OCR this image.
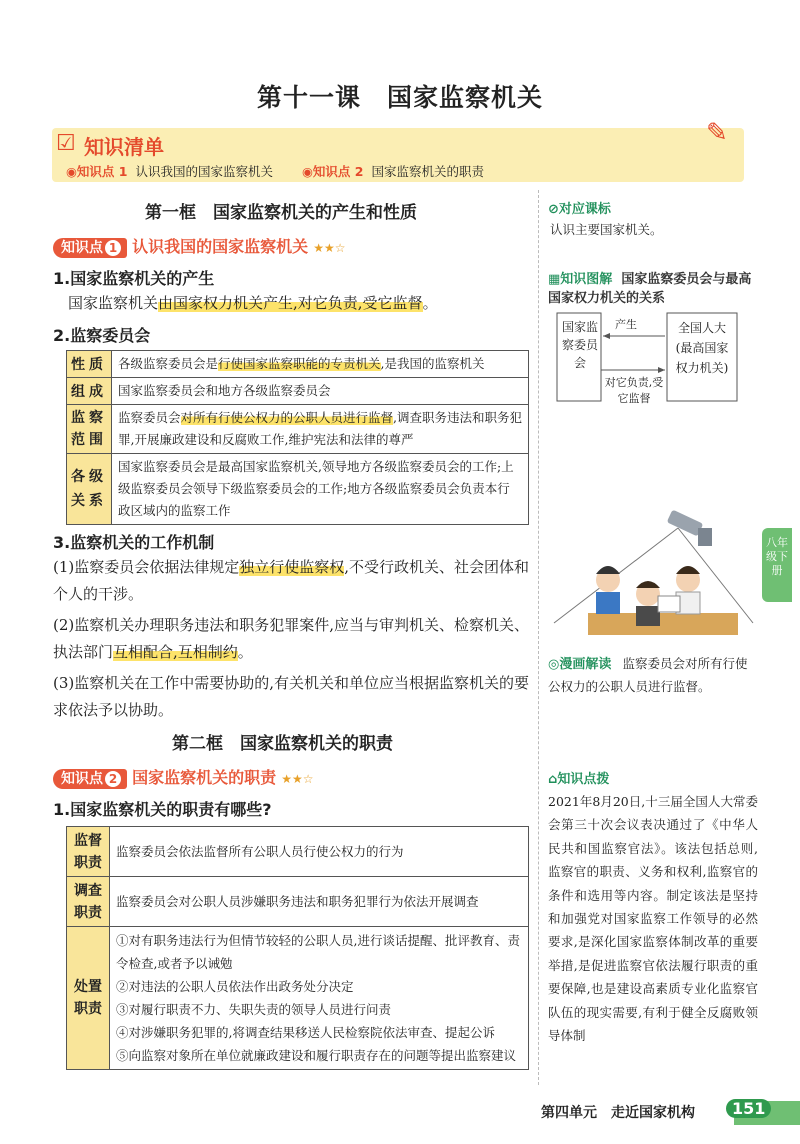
第十一课　国家监察机关
☑ 知识清单	✎
◉知识点 1 认识我国的国家监察机关 ◉知识点 2 国家监察机关的职责
第一框　国家监察机关的产生和性质
知识点 1 认识我国的国家监察机关 ★★☆
1.国家监察机关的产生
国家监察机关由国家权力机关产生,对它负责,受它监督。
2.监察委员会
性质	各级监察委员会是行使国家监察职能的专责机关,是我国的监察机关
组成	国家监察委员会和地方各级监察委员会
监察范围	监察委员会对所有行使公权力的公职人员进行监督,调查职务违法和职务犯罪,开展廉政建设和反腐败工作,维护宪法和法律的尊严
各级关系	国家监察委员会是最高国家监察机关,领导地方各级监察委员会的工作;上级监察委员会领导下级监察委员会的工作;地方各级监察委员会负责本行政区域内的监察工作
3.监察机关的工作机制
(1)监察委员会依据法律规定独立行使监察权,不受行政机关、社会团体和个人的干涉。
(2)监察机关办理职务违法和职务犯罪案件,应当与审判机关、检察机关、执法部门互相配合,互相制约。
(3)监察机关在工作中需要协助的,有关机关和单位应当根据监察机关的要求依法予以协助。
第二框　国家监察机关的职责
知识点 2 国家监察机关的职责 ★★☆
1.国家监察机关的职责有哪些?
监督职责	监察委员会依法监督所有公职人员行使公权力的行为
调查职责	监察委员会对公职人员涉嫌职务违法和职务犯罪行为依法开展调查
处置职责	①对有职务违法行为但情节较轻的公职人员,进行谈话提醒、批评教育、责令检查,或者予以诫勉
②对违法的公职人员依法作出政务处分决定
③对履行职责不力、失职失责的领导人员进行问责
④对涉嫌职务犯罪的,将调查结果移送人民检察院依法审查、提起公诉
⑤向监察对象所在单位就廉政建设和履行职责存在的问题等提出监察建议
⊘对应课标
认识主要国家机关。
▦知识图解 国家监察委员会与最高国家权力机关的关系
国家监察委员会
全国人大(最高国家权力机关)
产生
对它负责,受它监督
◎漫画解读 监察委员会对所有行使公权力的公职人员进行监督。
⌂知识点拨
2021年8月20日,十三届全国人大常委会第三十次会议表决通过了《中华人民共和国监察官法》。该法包括总则,监察官的职责、义务和权利,监察官的条件和选用等内容。制定该法是坚持和加强党对国家监察工作领导的必然要求,是深化国家监察体制改革的重要举措,是促进监察官依法履行职责的重要保障,也是建设高素质专业化监察官队伍的现实需要,有利于健全反腐败领导体制
八年级下册
第四单元　走近国家机构	151
